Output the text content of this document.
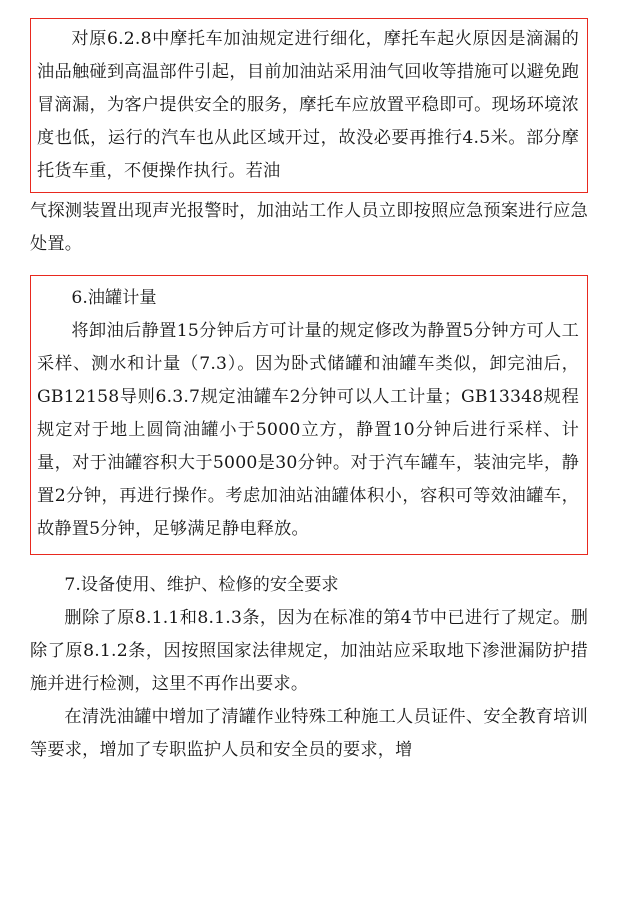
对原6.2.8中摩托车加油规定进行细化，摩托车起火原因是滴漏的油品触碰到高温部件引起，目前加油站采用油气回收等措施可以避免跑冒滴漏，为客户提供安全的服务，摩托车应放置平稳即可。现场环境浓度也低，运行的汽车也从此区域开过，故没必要再推行4.5米。部分摩托货车重，不便操作执行。若油

气探测装置出现声光报警时，加油站工作人员立即按照应急预案进行应急处置。

6.油罐计量

将卸油后静置15分钟后方可计量的规定修改为静置5分钟方可人工采样、测水和计量（7.3）。因为卧式储罐和油罐车类似，卸完油后，GB12158导则6.3.7规定油罐车2分钟可以人工计量；GB13348规程规定对于地上圆筒油罐小于5000立方，静置10分钟后进行采样、计量，对于油罐容积大于5000是30分钟。对于汽车罐车，装油完毕，静置2分钟，再进行操作。考虑加油站油罐体积小，容积可等效油罐车，故静置5分钟，足够满足静电释放。

7.设备使用、维护、检修的安全要求

删除了原8.1.1和8.1.3条，因为在标准的第4节中已进行了规定。删除了原8.1.2条，因按照国家法律规定，加油站应采取地下渗泄漏防护措施并进行检测，这里不再作出要求。

在清洗油罐中增加了清罐作业特殊工种施工人员证件、安全教育培训等要求，增加了专职监护人员和安全员的要求，增
